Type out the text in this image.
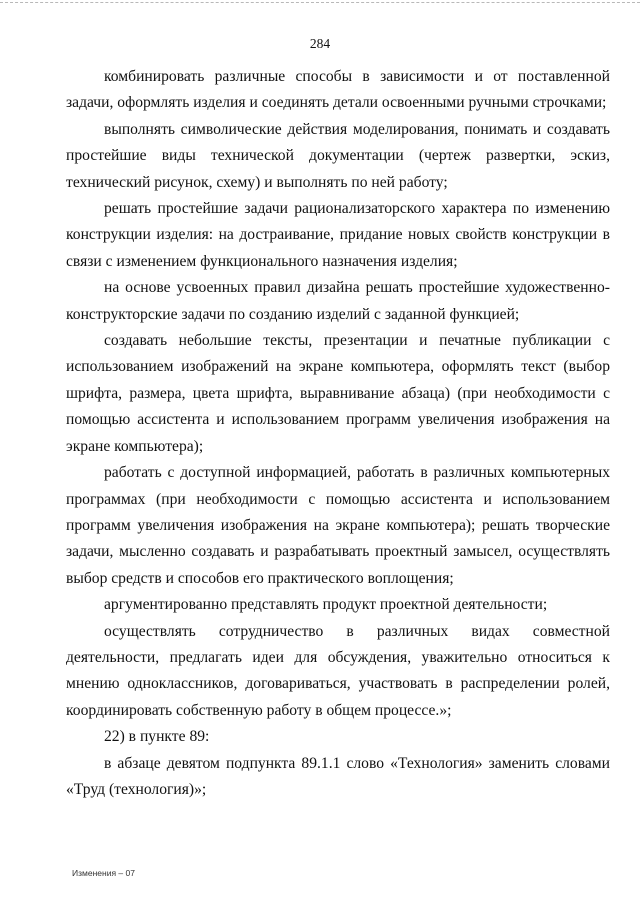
284

комбинировать различные способы в зависимости и от поставленной задачи, оформлять изделия и соединять детали освоенными ручными строчками;

выполнять символические действия моделирования, понимать и создавать простейшие виды технической документации (чертеж развертки, эскиз, технический рисунок, схему) и выполнять по ней работу;

решать простейшие задачи рационализаторского характера по изменению конструкции изделия: на достраивание, придание новых свойств конструкции в связи с изменением функционального назначения изделия;

на основе усвоенных правил дизайна решать простейшие художественно-конструкторские задачи по созданию изделий с заданной функцией;

создавать небольшие тексты, презентации и печатные публикации с использованием изображений на экране компьютера, оформлять текст (выбор шрифта, размера, цвета шрифта, выравнивание абзаца) (при необходимости с помощью ассистента и использованием программ увеличения изображения на экране компьютера);

работать с доступной информацией, работать в различных компьютерных программах (при необходимости с помощью ассистента и использованием программ увеличения изображения на экране компьютера); решать творческие задачи, мысленно создавать и разрабатывать проектный замысел, осуществлять выбор средств и способов его практического воплощения;

аргументированно представлять продукт проектной деятельности;

осуществлять сотрудничество в различных видах совместной деятельности, предлагать идеи для обсуждения, уважительно относиться к мнению одноклассников, договариваться, участвовать в распределении ролей, координировать собственную работу в общем процессе.»;

22) в пункте 89:

в абзаце девятом подпункта 89.1.1 слово «Технология» заменить словами «Труд (технология)»;

Изменения – 07
